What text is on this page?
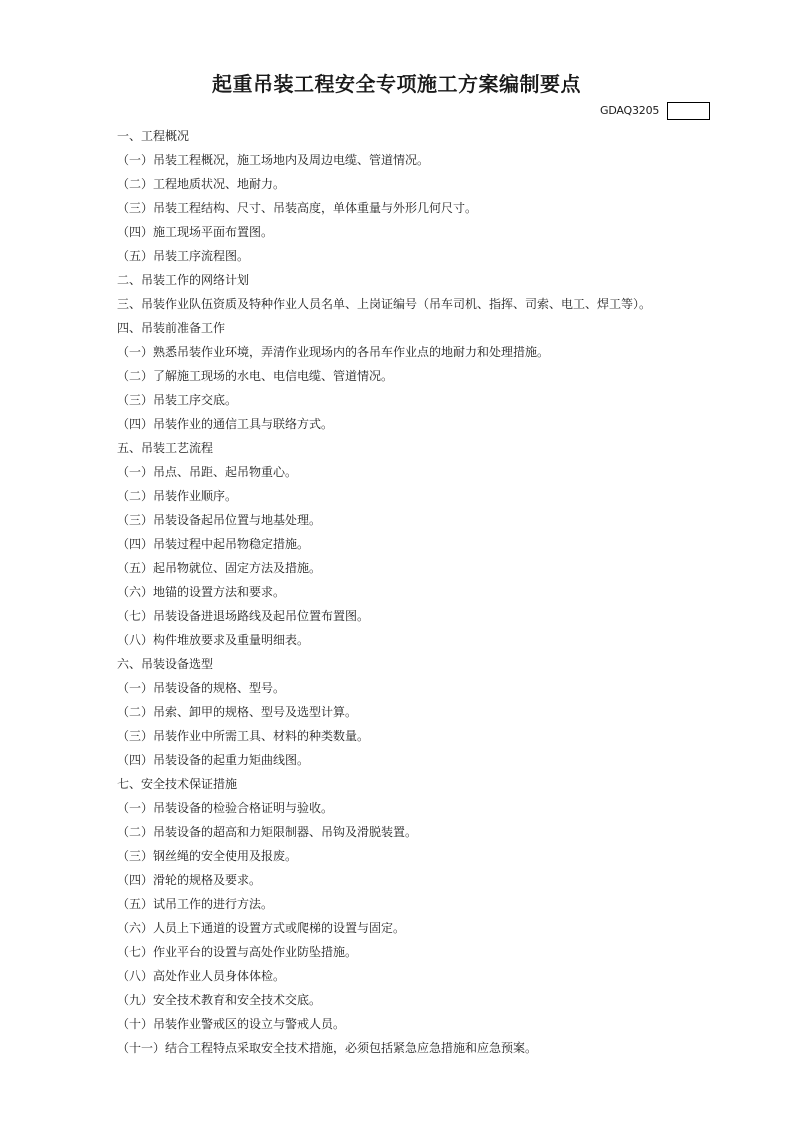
起重吊装工程安全专项施工方案编制要点
GDAQ3205
一、工程概况
（一）吊装工程概况，施工场地内及周边电缆、管道情况。
（二）工程地质状况、地耐力。
（三）吊装工程结构、尺寸、吊装高度，单体重量与外形几何尺寸。
（四）施工现场平面布置图。
（五）吊装工序流程图。
二、吊装工作的网络计划
三、吊装作业队伍资质及特种作业人员名单、上岗证编号（吊车司机、指挥、司索、电工、焊工等）。
四、吊装前准备工作
（一）熟悉吊装作业环境，弄清作业现场内的各吊车作业点的地耐力和处理措施。
（二）了解施工现场的水电、电信电缆、管道情况。
（三）吊装工序交底。
（四）吊装作业的通信工具与联络方式。
五、吊装工艺流程
（一）吊点、吊距、起吊物重心。
（二）吊装作业顺序。
（三）吊装设备起吊位置与地基处理。
（四）吊装过程中起吊物稳定措施。
（五）起吊物就位、固定方法及措施。
（六）地锚的设置方法和要求。
（七）吊装设备进退场路线及起吊位置布置图。
（八）构件堆放要求及重量明细表。
六、吊装设备选型
（一）吊装设备的规格、型号。
（二）吊索、卸甲的规格、型号及选型计算。
（三）吊装作业中所需工具、材料的种类数量。
（四）吊装设备的起重力矩曲线图。
七、安全技术保证措施
（一）吊装设备的检验合格证明与验收。
（二）吊装设备的超高和力矩限制器、吊钩及滑脱装置。
（三）钢丝绳的安全使用及报废。
（四）滑轮的规格及要求。
（五）试吊工作的进行方法。
（六）人员上下通道的设置方式或爬梯的设置与固定。
（七）作业平台的设置与高处作业防坠措施。
（八）高处作业人员身体体检。
（九）安全技术教育和安全技术交底。
（十）吊装作业警戒区的设立与警戒人员。
（十一）结合工程特点采取安全技术措施，必须包括紧急应急措施和应急预案。
